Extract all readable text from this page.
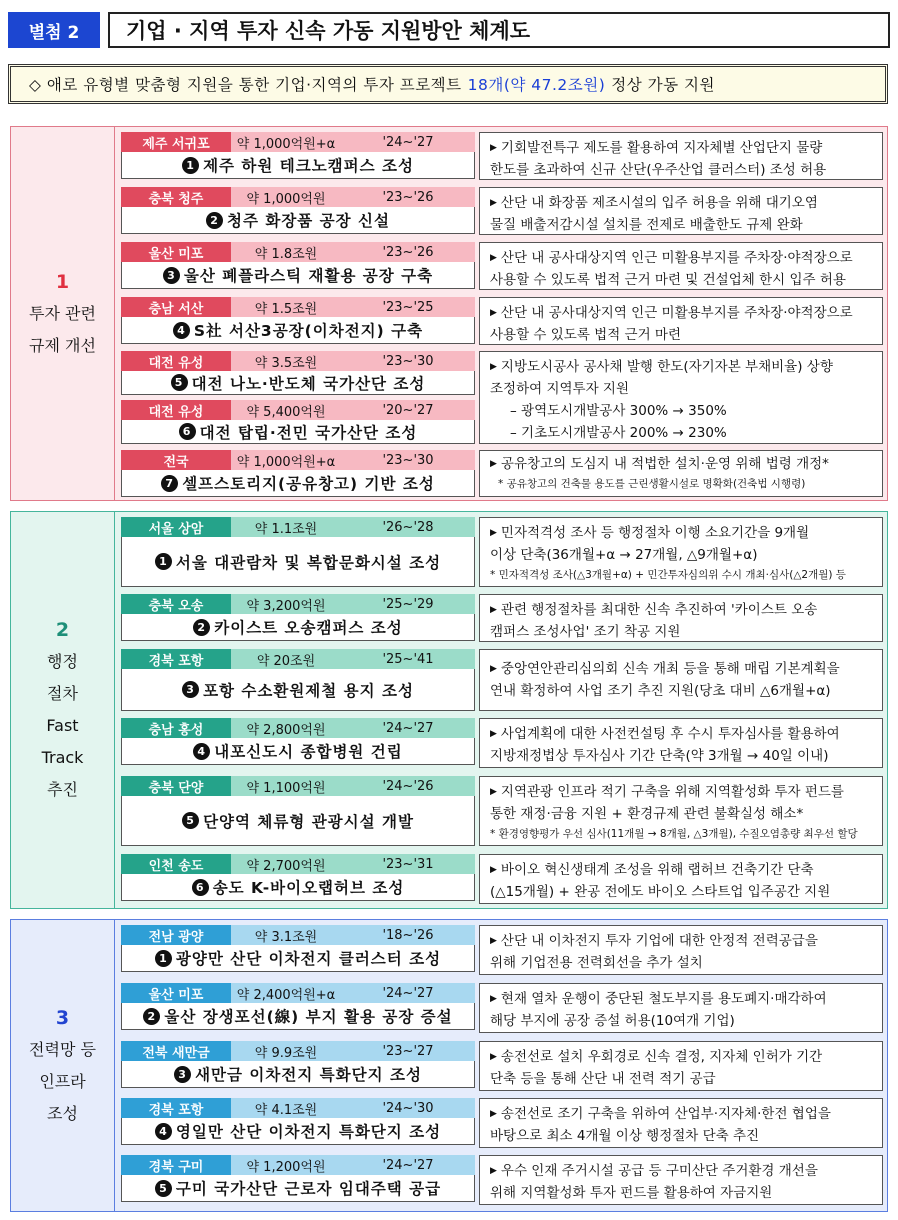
별첨 2	기업 · 지역 투자 신속 가동 지원방안 체계도
◇ 애로 유형별 맞춤형 지원을 통한 기업·지역의 투자 프로젝트 18개(약 47.2조원) 정상 가동 지원
1
투자 관련
규제 개선
제주 서귀포	약 1,000억원+α	'24~'27
1 제주 하원 테크노캠퍼스 조성
▶ 기회발전특구 제도를 활용하여 지자체별 산업단지 물량
한도를 초과하여 신규 산단(우주산업 클러스터) 조성 허용
충북 청주	약 1,000억원	'23~'26
2 청주 화장품 공장 신설
▶ 산단 내 화장품 제조시설의 입주 허용을 위해 대기오염
물질 배출저감시설 설치를 전제로 배출한도 규제 완화
울산 미포	약 1.8조원	'23~'26
3 울산 폐플라스틱 재활용 공장 구축
▶ 산단 내 공사대상지역 인근 미활용부지를 주차장·야적장으로
사용할 수 있도록 법적 근거 마련 및 건설업체 한시 입주 허용
충남 서산	약 1.5조원	'23~'25
4 S社 서산3공장(이차전지) 구축
▶ 산단 내 공사대상지역 인근 미활용부지를 주차장·야적장으로
사용할 수 있도록 법적 근거 마련
대전 유성	약 3.5조원	'23~'30
5 대전 나노·반도체 국가산단 조성
대전 유성	약 5,400억원	'20~'27
6 대전 탑립·전민 국가산단 조성
▶ 지방도시공사 공사채 발행 한도(자기자본 부채비율) 상향
조정하여 지역투자 지원
– 광역도시개발공사 300% → 350%
– 기초도시개발공사 200% → 230%
전국	약 1,000억원+α	'23~'30
7 셀프스토리지(공유창고) 기반 조성
▶ 공유창고의 도심지 내 적법한 설치·운영 위해 법령 개정*
* 공유창고의 건축물 용도를 근린생활시설로 명확화(건축법 시행령)
2
행정
절차
Fast
Track
추진
서울 상암	약 1.1조원	'26~'28
1 서울 대관람차 및 복합문화시설 조성
▶ 민자적격성 조사 등 행정절차 이행 소요기간을 9개월
이상 단축(36개월+α → 27개월, △9개월+α)
* 민자적격성 조사(△3개월+α) + 민간투자심의위 수시 개최·심사(△2개월) 등
충북 오송	약 3,200억원	'25~'29
2 카이스트 오송캠퍼스 조성
▶ 관련 행정절차를 최대한 신속 추진하여 '카이스트 오송
캠퍼스 조성사업' 조기 착공 지원
경북 포항	약 20조원	'25~'41
3 포항 수소환원제철 용지 조성
▶ 중앙연안관리심의회 신속 개최 등을 통해 매립 기본계획을
연내 확정하여 사업 조기 추진 지원(당초 대비 △6개월+α)
충남 홍성	약 2,800억원	'24~'27
4 내포신도시 종합병원 건립
▶ 사업계획에 대한 사전컨설팅 후 수시 투자심사를 활용하여
지방재정법상 투자심사 기간 단축(약 3개월 → 40일 이내)
충북 단양	약 1,100억원	'24~'26
5 단양역 체류형 관광시설 개발
▶ 지역관광 인프라 적기 구축을 위해 지역활성화 투자 펀드를
통한 재정·금융 지원 + 환경규제 관련 불확실성 해소*
* 환경영향평가 우선 심사(11개월 → 8개월, △3개월), 수질오염총량 최우선 할당
인천 송도	약 2,700억원	'23~'31
6 송도 K-바이오랩허브 조성
▶ 바이오 혁신생태계 조성을 위해 랩허브 건축기간 단축
(△15개월) + 완공 전에도 바이오 스타트업 입주공간 지원
3
전력망 등
인프라
조성
전남 광양	약 3.1조원	'18~'26
1 광양만 산단 이차전지 클러스터 조성
▶ 산단 내 이차전지 투자 기업에 대한 안정적 전력공급을
위해 기업전용 전력회선을 추가 설치
울산 미포	약 2,400억원+α	'24~'27
2 울산 장생포선(線) 부지 활용 공장 증설
▶ 현재 열차 운행이 중단된 철도부지를 용도폐지·매각하여
해당 부지에 공장 증설 허용(10여개 기업)
전북 새만금	약 9.9조원	'23~'27
3 새만금 이차전지 특화단지 조성
▶ 송전선로 설치 우회경로 신속 결정, 지자체 인허가 기간
단축 등을 통해 산단 내 전력 적기 공급
경북 포항	약 4.1조원	'24~'30
4 영일만 산단 이차전지 특화단지 조성
▶ 송전선로 조기 구축을 위하여 산업부·지자체·한전 협업을
바탕으로 최소 4개월 이상 행정절차 단축 추진
경북 구미	약 1,200억원	'24~'27
5 구미 국가산단 근로자 임대주택 공급
▶ 우수 인재 주거시설 공급 등 구미산단 주거환경 개선을
위해 지역활성화 투자 펀드를 활용하여 자금지원
